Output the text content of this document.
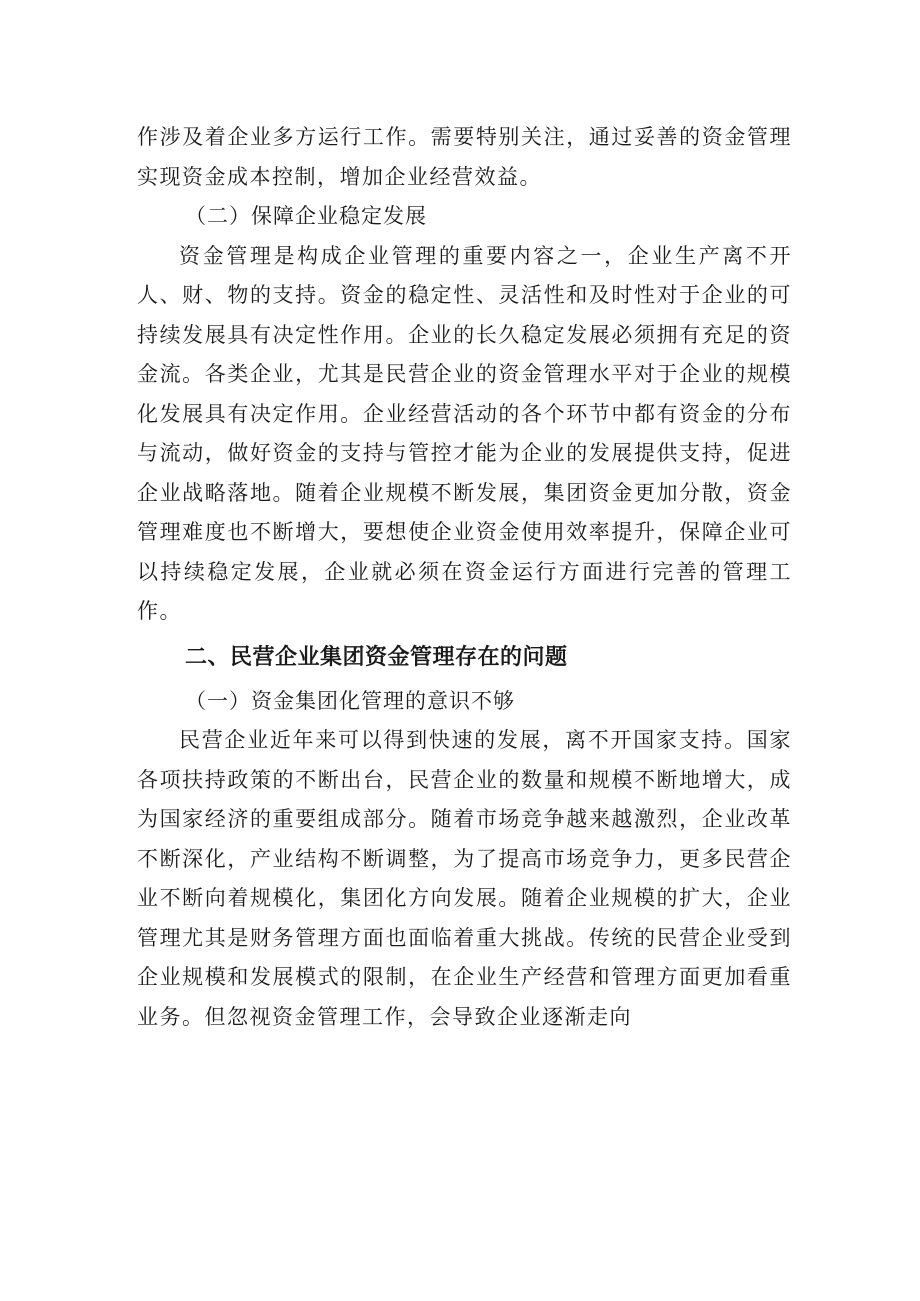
作涉及着企业多方运行工作。需要特别关注，通过妥善的资金管理实现资金成本控制，增加企业经营效益。

（二）保障企业稳定发展

资金管理是构成企业管理的重要内容之一，企业生产离不开人、财、物的支持。资金的稳定性、灵活性和及时性对于企业的可持续发展具有决定性作用。企业的长久稳定发展必须拥有充足的资金流。各类企业，尤其是民营企业的资金管理水平对于企业的规模化发展具有决定作用。企业经营活动的各个环节中都有资金的分布与流动，做好资金的支持与管控才能为企业的发展提供支持，促进企业战略落地。随着企业规模不断发展，集团资金更加分散，资金管理难度也不断增大，要想使企业资金使用效率提升，保障企业可以持续稳定发展，企业就必须在资金运行方面进行完善的管理工作。

二、民营企业集团资金管理存在的问题

（一）资金集团化管理的意识不够

民营企业近年来可以得到快速的发展，离不开国家支持。国家各项扶持政策的不断出台，民营企业的数量和规模不断地增大，成为国家经济的重要组成部分。随着市场竞争越来越激烈，企业改革不断深化，产业结构不断调整，为了提高市场竞争力，更多民营企业不断向着规模化，集团化方向发展。随着企业规模的扩大，企业管理尤其是财务管理方面也面临着重大挑战。传统的民营企业受到企业规模和发展模式的限制，在企业生产经营和管理方面更加看重业务。但忽视资金管理工作，会导致企业逐渐走向
